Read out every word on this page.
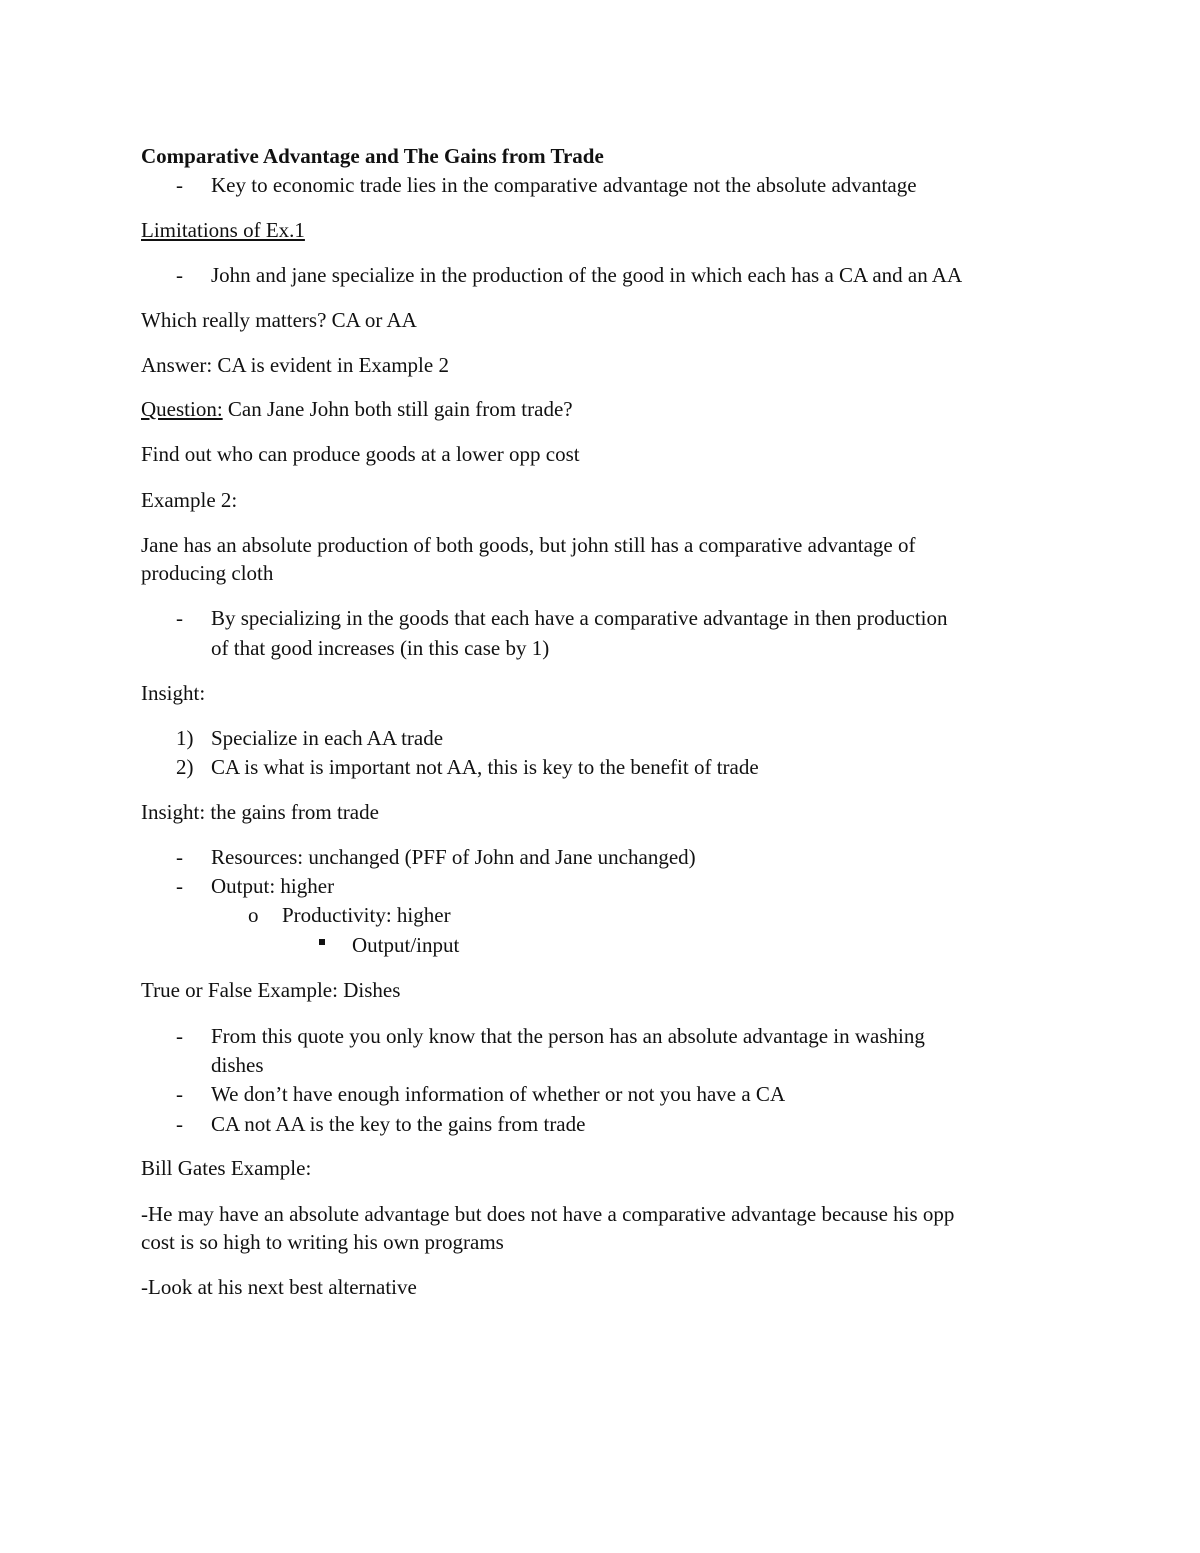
Comparative Advantage and The Gains from Trade
- Key to economic trade lies in the comparative advantage not the absolute advantage
Limitations of Ex.1
- John and jane specialize in the production of the good in which each has a CA and an AA
Which really matters? CA or AA
Answer: CA is evident in Example 2
Question: Can Jane John both still gain from trade?
Find out who can produce goods at a lower opp cost
Example 2:
Jane has an absolute production of both goods, but john still has a comparative advantage of
producing cloth
- By specializing in the goods that each have a comparative advantage in then production
of that good increases (in this case by 1)
Insight:
1) Specialize in each AA trade
2) CA is what is important not AA, this is key to the benefit of trade
Insight: the gains from trade
- Resources: unchanged (PFF of John and Jane unchanged)
- Output: higher
o Productivity: higher
Output/input
True or False Example: Dishes
- From this quote you only know that the person has an absolute advantage in washing
dishes
- We don’t have enough information of whether or not you have a CA
- CA not AA is the key to the gains from trade
Bill Gates Example:
-He may have an absolute advantage but does not have a comparative advantage because his opp
cost is so high to writing his own programs
-Look at his next best alternative
